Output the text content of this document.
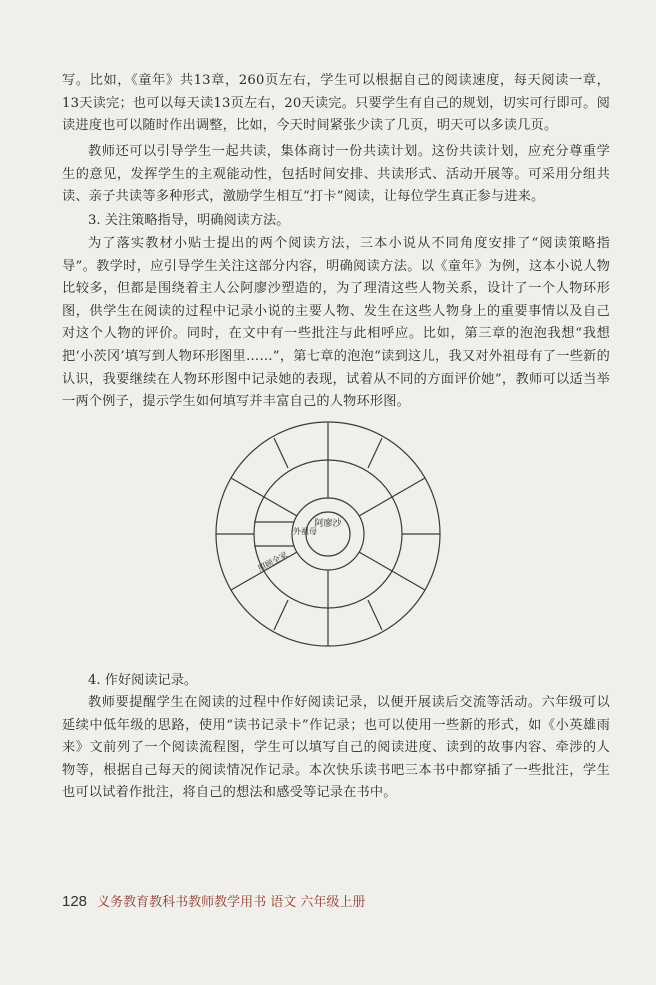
写。比如，《童年》共13章，260页左右，学生可以根据自己的阅读速度，每天阅读一章，13天读完；也可以每天读13页左右，20天读完。只要学生有自己的规划，切实可行即可。阅读进度也可以随时作出调整，比如，今天时间紧张少读了几页，明天可以多读几页。
教师还可以引导学生一起共读，集体商讨一份共读计划。这份共读计划，应充分尊重学生的意见，发挥学生的主观能动性，包括时间安排、共读形式、活动开展等。可采用分组共读、亲子共读等多种形式，激励学生相互“打卡”阅读，让每位学生真正参与进来。
3. 关注策略指导，明确阅读方法。
为了落实教材小贴士提出的两个阅读方法，三本小说从不同角度安排了“阅读策略指导”。教学时，应引导学生关注这部分内容，明确阅读方法。以《童年》为例，这本小说人物比较多，但都是围绕着主人公阿廖沙塑造的，为了理清这些人物关系，设计了一个人物环形图，供学生在阅读的过程中记录小说的主要人物、发生在这些人物身上的重要事情以及自己对这个人物的评价。同时，在文中有一些批注与此相呼应。比如，第三章的泡泡我想“我想把‘小茨冈’填写到人物环形图里……”，第七章的泡泡“读到这儿，我又对外祖母有了一些新的认识，我要继续在人物环形图中记录她的表现，试着从不同的方面评价她”，教师可以适当举一两个例子，提示学生如何填写并丰富自己的人物环形图。
阿廖沙
外祖母
照顾全家
4. 作好阅读记录。
教师要提醒学生在阅读的过程中作好阅读记录，以便开展读后交流等活动。六年级可以延续中低年级的思路，使用“读书记录卡”作记录；也可以使用一些新的形式，如《小英雄雨来》文前列了一个阅读流程图，学生可以填写自己的阅读进度、读到的故事内容、牵涉的人物等，根据自己每天的阅读情况作记录。本次快乐读书吧三本书中都穿插了一些批注，学生也可以试着作批注，将自己的想法和感受等记录在书中。
128 义务教育教科书教师教学用书 语文 六年级上册
